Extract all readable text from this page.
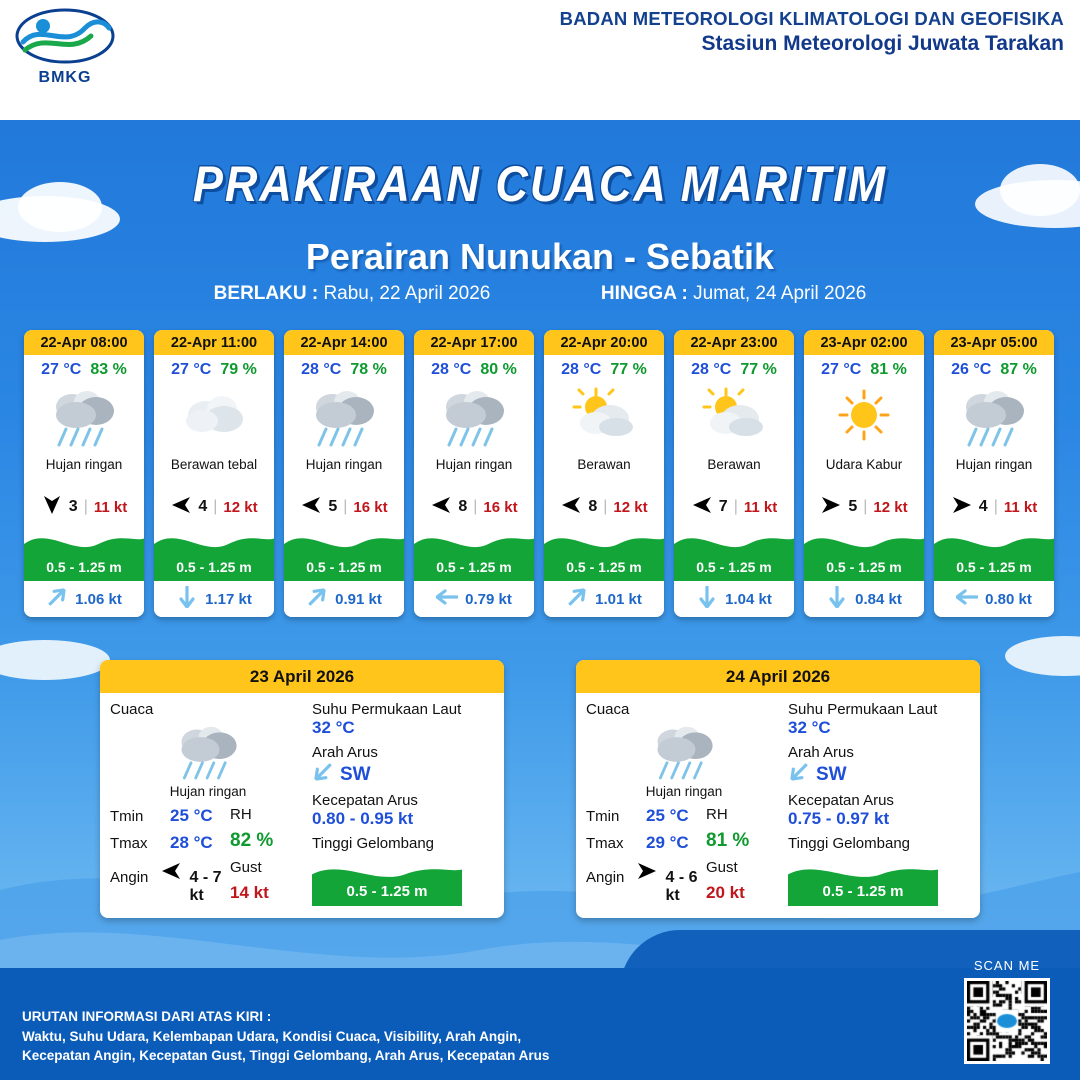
BMKG
BADAN METEOROLOGI KLIMATOLOGI DAN GEOFISIKA
Stasiun Meteorologi Juwata Tarakan
PRAKIRAAN CUACA MARITIM
Perairan Nunukan - Sebatik
BERLAKU : Rabu, 22 April 2026	HINGGA : Jumat, 24 April 2026
22-Apr 08:00
27 °C 83 %
Hujan ringan
3 | 11 kt
0.5 - 1.25 m
1.06 kt
22-Apr 11:00
27 °C 79 %
Berawan tebal
4 | 12 kt
0.5 - 1.25 m
1.17 kt
22-Apr 14:00
28 °C 78 %
Hujan ringan
5 | 16 kt
0.5 - 1.25 m
0.91 kt
22-Apr 17:00
28 °C 80 %
Hujan ringan
8 | 16 kt
0.5 - 1.25 m
0.79 kt
22-Apr 20:00
28 °C 77 %
Berawan
8 | 12 kt
0.5 - 1.25 m
1.01 kt
22-Apr 23:00
28 °C 77 %
Berawan
7 | 11 kt
0.5 - 1.25 m
1.04 kt
23-Apr 02:00
27 °C 81 %
Udara Kabur
5 | 12 kt
0.5 - 1.25 m
0.84 kt
23-Apr 05:00
26 °C 87 %
Hujan ringan
4 | 11 kt
0.5 - 1.25 m
0.80 kt
23 April 2026
Cuaca
Hujan ringan
Tmin	25 °C
Tmax	28 °C
Angin	4 - 7 kt
RH
82 %
Gust
14 kt
Suhu Permukaan Laut
32 °C
Arah Arus
SW
Kecepatan Arus
0.80 - 0.95 kt
Tinggi Gelombang
0.5 - 1.25 m
24 April 2026
Cuaca
Hujan ringan
Tmin	25 °C
Tmax	29 °C
Angin	4 - 6 kt
RH
81 %
Gust
20 kt
Suhu Permukaan Laut
32 °C
Arah Arus
SW
Kecepatan Arus
0.75 - 0.97 kt
Tinggi Gelombang
0.5 - 1.25 m
URUTAN INFORMASI DARI ATAS KIRI :
Waktu, Suhu Udara, Kelembapan Udara, Kondisi Cuaca, Visibility, Arah Angin,
Kecepatan Angin, Kecepatan Gust, Tinggi Gelombang, Arah Arus, Kecepatan Arus
SCAN ME
